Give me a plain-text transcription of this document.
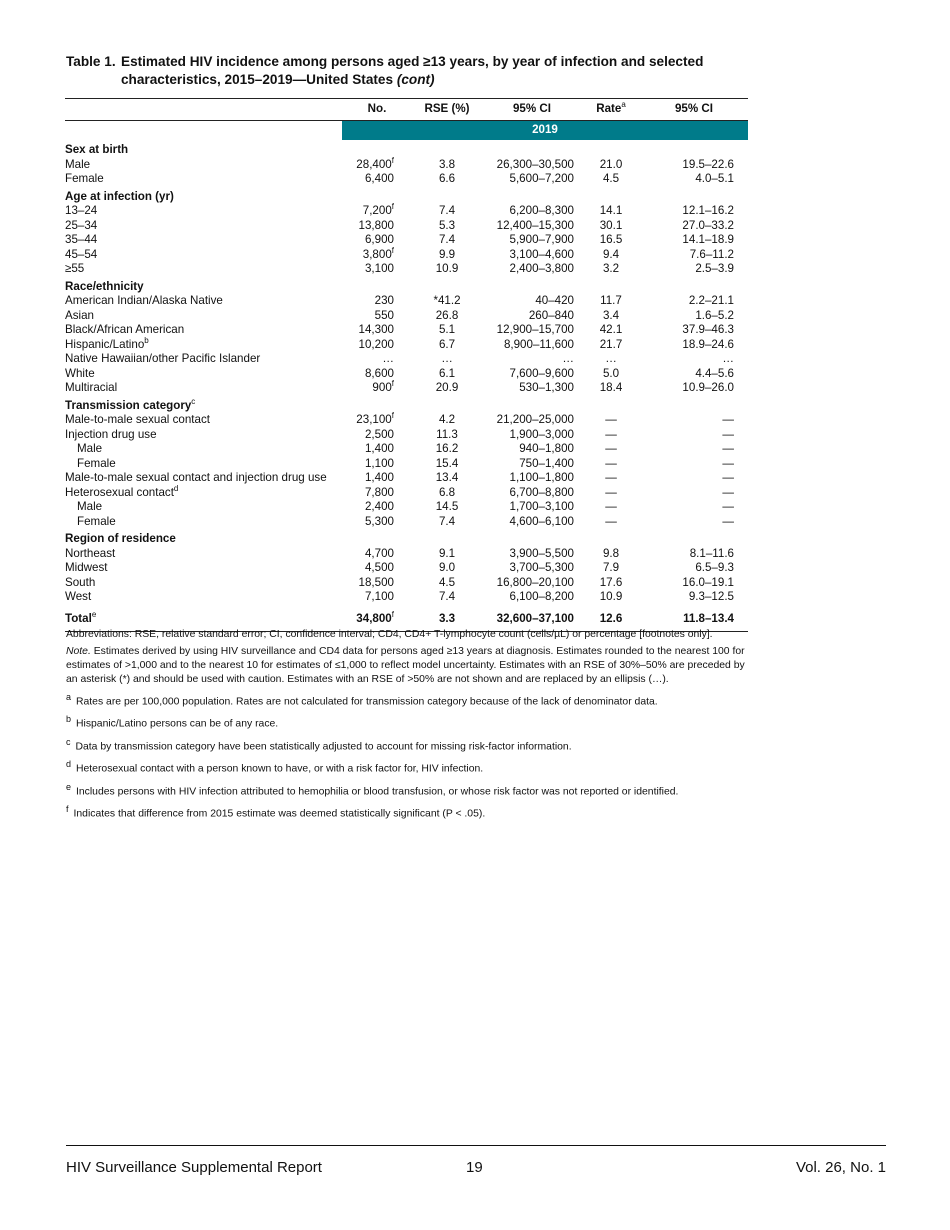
Table 1. Estimated HIV incidence among persons aged ≥13 years, by year of infection and selected
characteristics, 2015–2019—United States (cont)
	No.	RSE (%)	95% CI	Rate$^a$	95% CI
	2019				
Sex at birth					
Male	28,400$^f$	3.8	26,300–30,500	21.0	19.5–22.6
Female	6,400	6.6	5,600–7,200	4.5	4.0–5.1
Age at infection (yr)					
13–24	7,200$^f$	7.4	6,200–8,300	14.1	12.1–16.2
25–34	13,800	5.3	12,400–15,300	30.1	27.0–33.2
35–44	6,900	7.4	5,900–7,900	16.5	14.1–18.9
45–54	3,800$^f$	9.9	3,100–4,600	9.4	7.6–11.2
≥55	3,100	10.9	2,400–3,800	3.2	2.5–3.9
Race/ethnicity					
American Indian/Alaska Native	230	*41.2	40–420	11.7	2.2–21.1
Asian	550	26.8	260–840	3.4	1.6–5.2
Black/African American	14,300	5.1	12,900–15,700	42.1	37.9–46.3
Hispanic/Latino$^b$	10,200	6.7	8,900–11,600	21.7	18.9–24.6
Native Hawaiian/other Pacific Islander	…	…	…	…	…
White	8,600	6.1	7,600–9,600	5.0	4.4–5.6
Multiracial	900$^f$	20.9	530–1,300	18.4	10.9–26.0
Transmission category$^c$
Male-to-male sexual contact	23,100$^f$	4.2	21,200–25,000	—	—
Injection drug use	2,500	11.3	1,900–3,000	—	—
Male	1,400	16.2	940–1,800	—	—
Female	1,100	15.4	750–1,400	—	—
Male-to-male sexual contact and injection drug use	1,400	13.4	1,100–1,800	—	—
Heterosexual contact$^d$	7,800	6.8	6,700–8,800	—	—
Male	2,400	14.5	1,700–3,100	—	—
Female	5,300	7.4	4,600–6,100	—	—
Region of residence					
Northeast	4,700	9.1	3,900–5,500	9.8	8.1–11.6
Midwest	4,500	9.0	3,700–5,300	7.9	6.5–9.3
South	18,500	4.5	16,800–20,100	17.6	16.0–19.1
West	7,100	7.4	6,100–8,200	10.9	9.3–12.5
Total$^e$	34,800$^f$	3.3	32,600–37,100	12.6	11.8–13.4

Abbreviations: RSE, relative standard error; CI, confidence interval; CD4, CD4+ T-lymphocyte count (cells/µL) or percentage [footnotes only].

Note. Estimates derived by using HIV surveillance and CD4 data for persons aged ≥13 years at diagnosis. Estimates rounded to the nearest 100 for estimates of >1,000 and to the nearest 10 for estimates of ≤1,000 to reflect model uncertainty. Estimates with an RSE of 30%–50% are preceded by an asterisk (*) and should be used with caution. Estimates with an RSE of >50% are not shown and are replaced by an ellipsis (…).

$^a$ Rates are per 100,000 population. Rates are not calculated for transmission category because of the lack of denominator data.

$^b$ Hispanic/Latino persons can be of any race.

$^c$ Data by transmission category have been statistically adjusted to account for missing risk-factor information.

$^d$ Heterosexual contact with a person known to have, or with a risk factor for, HIV infection.

$^e$ Includes persons with HIV infection attributed to hemophilia or blood transfusion, or whose risk factor was not reported or identified.

$^f$ Indicates that difference from 2015 estimate was deemed statistically significant (P < .05).

HIV Surveillance Supplemental Report	19	Vol. 26, No. 1
